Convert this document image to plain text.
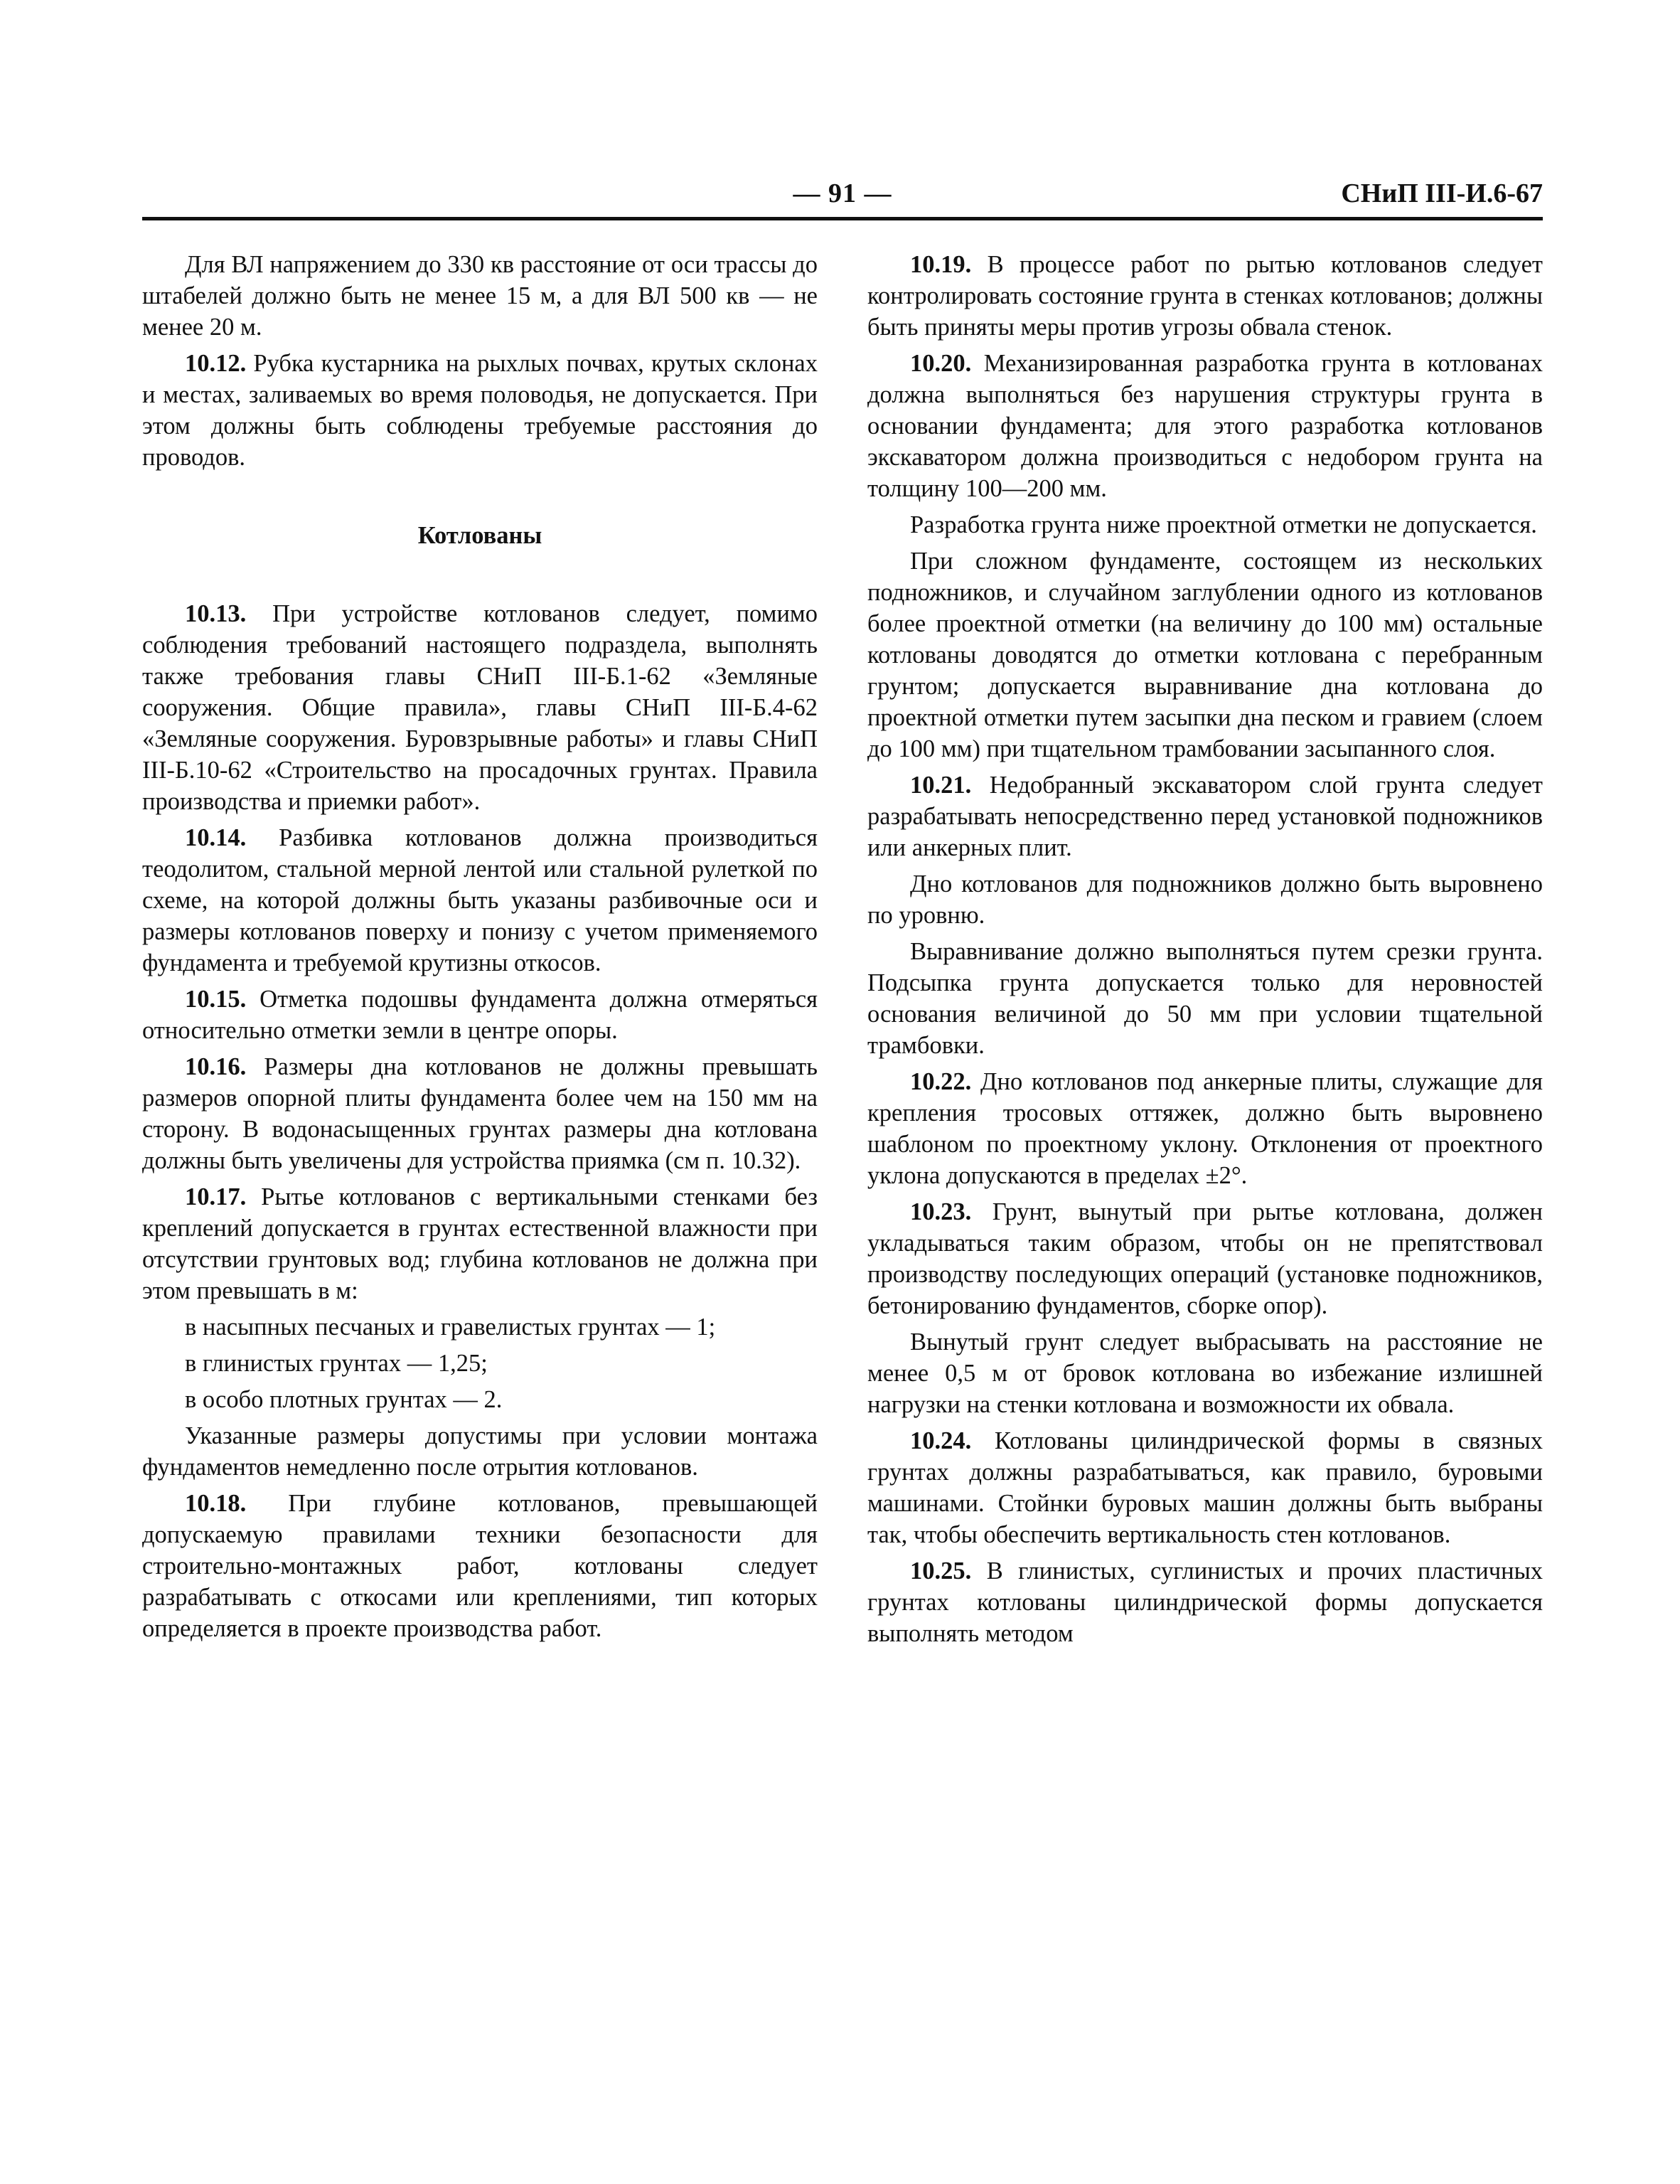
— 91 —	СНиП III-И.6-67

Для ВЛ напряжением до 330 кв расстояние от оси трассы до штабелей должно быть не менее 15 м, а для ВЛ 500 кв — не менее 20 м.

10.12. Рубка кустарника на рыхлых почвах, крутых склонах и местах, заливаемых во время половодья, не допускается. При этом должны быть соблюдены требуемые расстояния до проводов.

Котлованы

10.13. При устройстве котлованов следует, помимо соблюдения требований настоящего подраздела, выполнять также требования главы СНиП III-Б.1-62 «Земляные сооружения. Общие правила», главы СНиП III-Б.4-62 «Земляные сооружения. Буровзрывные работы» и главы СНиП III-Б.10-62 «Строительство на просадочных грунтах. Правила производства и приемки работ».

10.14. Разбивка котлованов должна производиться теодолитом, стальной мерной лентой или стальной рулеткой по схеме, на которой должны быть указаны разбивочные оси и размеры котлованов поверху и понизу с учетом применяемого фундамента и требуемой крутизны откосов.

10.15. Отметка подошвы фундамента должна отмеряться относительно отметки земли в центре опоры.

10.16. Размеры дна котлованов не должны превышать размеров опорной плиты фундамента более чем на 150 мм на сторону. В водонасыщенных грунтах размеры дна котлована должны быть увеличены для устройства приямка (см п. 10.32).

10.17. Рытье котлованов с вертикальными стенками без креплений допускается в грунтах естественной влажности при отсутствии грунтовых вод; глубина котлованов не должна при этом превышать в м:

в насыпных песчаных и гравелистых грунтах — 1;

в глинистых грунтах — 1,25;

в особо плотных грунтах — 2.

Указанные размеры допустимы при условии монтажа фундаментов немедленно после отрытия котлованов.

10.18. При глубине котлованов, превышающей допускаемую правилами техники безопасности для строительно-монтажных работ, котлованы следует разрабатывать с откосами или креплениями, тип которых определяется в проекте производства работ.

10.19. В процессе работ по рытью котлованов следует контролировать состояние грунта в стенках котлованов; должны быть приняты меры против угрозы обвала стенок.

10.20. Механизированная разработка грунта в котлованах должна выполняться без нарушения структуры грунта в основании фундамента; для этого разработка котлованов экскаватором должна производиться с недобором грунта на толщину 100—200 мм.

Разработка грунта ниже проектной отметки не допускается.

При сложном фундаменте, состоящем из нескольких подножников, и случайном заглублении одного из котлованов более проектной отметки (на величину до 100 мм) остальные котлованы доводятся до отметки котлована с перебранным грунтом; допускается выравнивание дна котлована до проектной отметки путем засыпки дна песком и гравием (слоем до 100 мм) при тщательном трамбовании засыпанного слоя.

10.21. Недобранный экскаватором слой грунта следует разрабатывать непосредственно перед установкой подножников или анкерных плит.

Дно котлованов для подножников должно быть выровнено по уровню.

Выравнивание должно выполняться путем срезки грунта. Подсыпка грунта допускается только для неровностей основания величиной до 50 мм при условии тщательной трамбовки.

10.22. Дно котлованов под анкерные плиты, служащие для крепления тросовых оттяжек, должно быть выровнено шаблоном по проектному уклону. Отклонения от проектного уклона допускаются в пределах ±2°.

10.23. Грунт, вынутый при рытье котлована, должен укладываться таким образом, чтобы он не препятствовал производству последующих операций (установке подножников, бетонированию фундаментов, сборке опор).

Вынутый грунт следует выбрасывать на расстояние не менее 0,5 м от бровок котлована во избежание излишней нагрузки на стенки котлована и возможности их обвала.

10.24. Котлованы цилиндрической формы в связных грунтах должны разрабатываться, как правило, буровыми машинами. Стойнки буровых машин должны быть выбраны так, чтобы обеспечить вертикальность стен котлованов.

10.25. В глинистых, суглинистых и прочих пластичных грунтах котлованы цилиндрической формы допускается выполнять методом
